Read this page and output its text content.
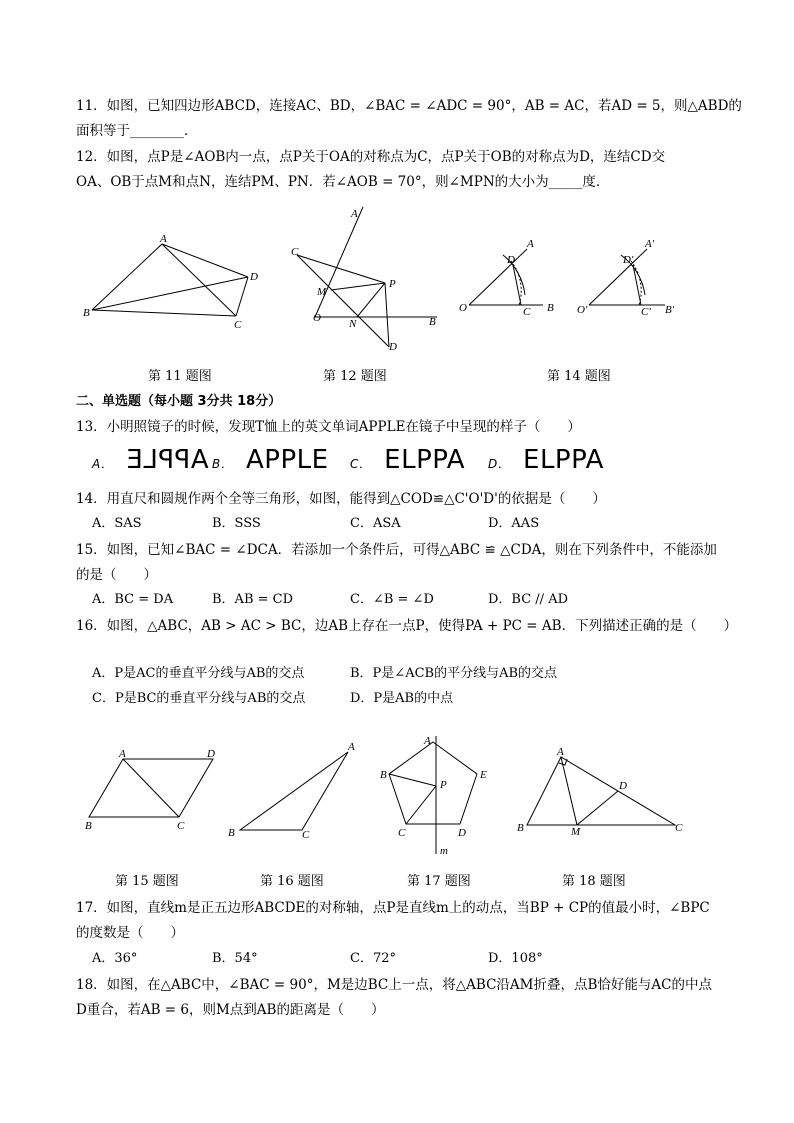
11．如图，已知四边形ABCD，连接AC、BD，∠BAC = ∠ADC = 90°，AB = AC，若AD = 5，则△ABD的
面积等于________．
12．如图，点P是∠AOB内一点，点P关于OA的对称点为C，点P关于OB的对称点为D，连结CD交
OA、OB于点M和点N，连结PM、PN．若∠AOB = 70°，则∠MPN的大小为_____度．
A
B
C
D
A
C
M
P
O	N	B
D
A
D
O	C B
A'
D'
O'	C' B'
第 11 题图	第 12 题图	第 14 题图
二、单选题（每小题 3分共 18分）
13．小明照镜子的时候，发现T恤上的英文单词APPLE在镜子中呈现的样子（　　）
A． APPLE B． APPLE C． ELPPA D． ELPPA
14．用直尺和圆规作两个全等三角形，如图，能得到△COD≌△C'O'D'的依据是（　　）
A．SAS	B．SSS	C．ASA	D．AAS
15．如图，已知∠BAC = ∠DCA．若添加一个条件后，可得△ABC ≌ △CDA，则在下列条件中，不能添加
的是（　　）
A．BC = DA	B．AB = CD	C．∠B = ∠D	D．BC // AD
16．如图，△ABC，AB > AC > BC，边AB上存在一点P，使得PA + PC = AB．下列描述正确的是（　　）
A．P是AC的垂直平分线与AB的交点	B．P是∠ACB的平分线与AB的交点
C．P是BC的垂直平分线与AB的交点	D．P是AB的中点
A	D
B	C
A
B	C
A
B	E
P
C	D
m
A
D
B	M	C
第 15 题图	第 16 题图	第 17 题图	第 18 题图
17．如图，直线m是正五边形ABCDE的对称轴，点P是直线m上的动点，当BP + CP的值最小时，∠BPC
的度数是（　　）
A．36°	B．54°	C．72°	D．108°
18．如图，在△ABC中，∠BAC = 90°，M是边BC上一点，将△ABC沿AM折叠，点B恰好能与AC的中点
D重合，若AB = 6，则M点到AB的距离是（　　）
